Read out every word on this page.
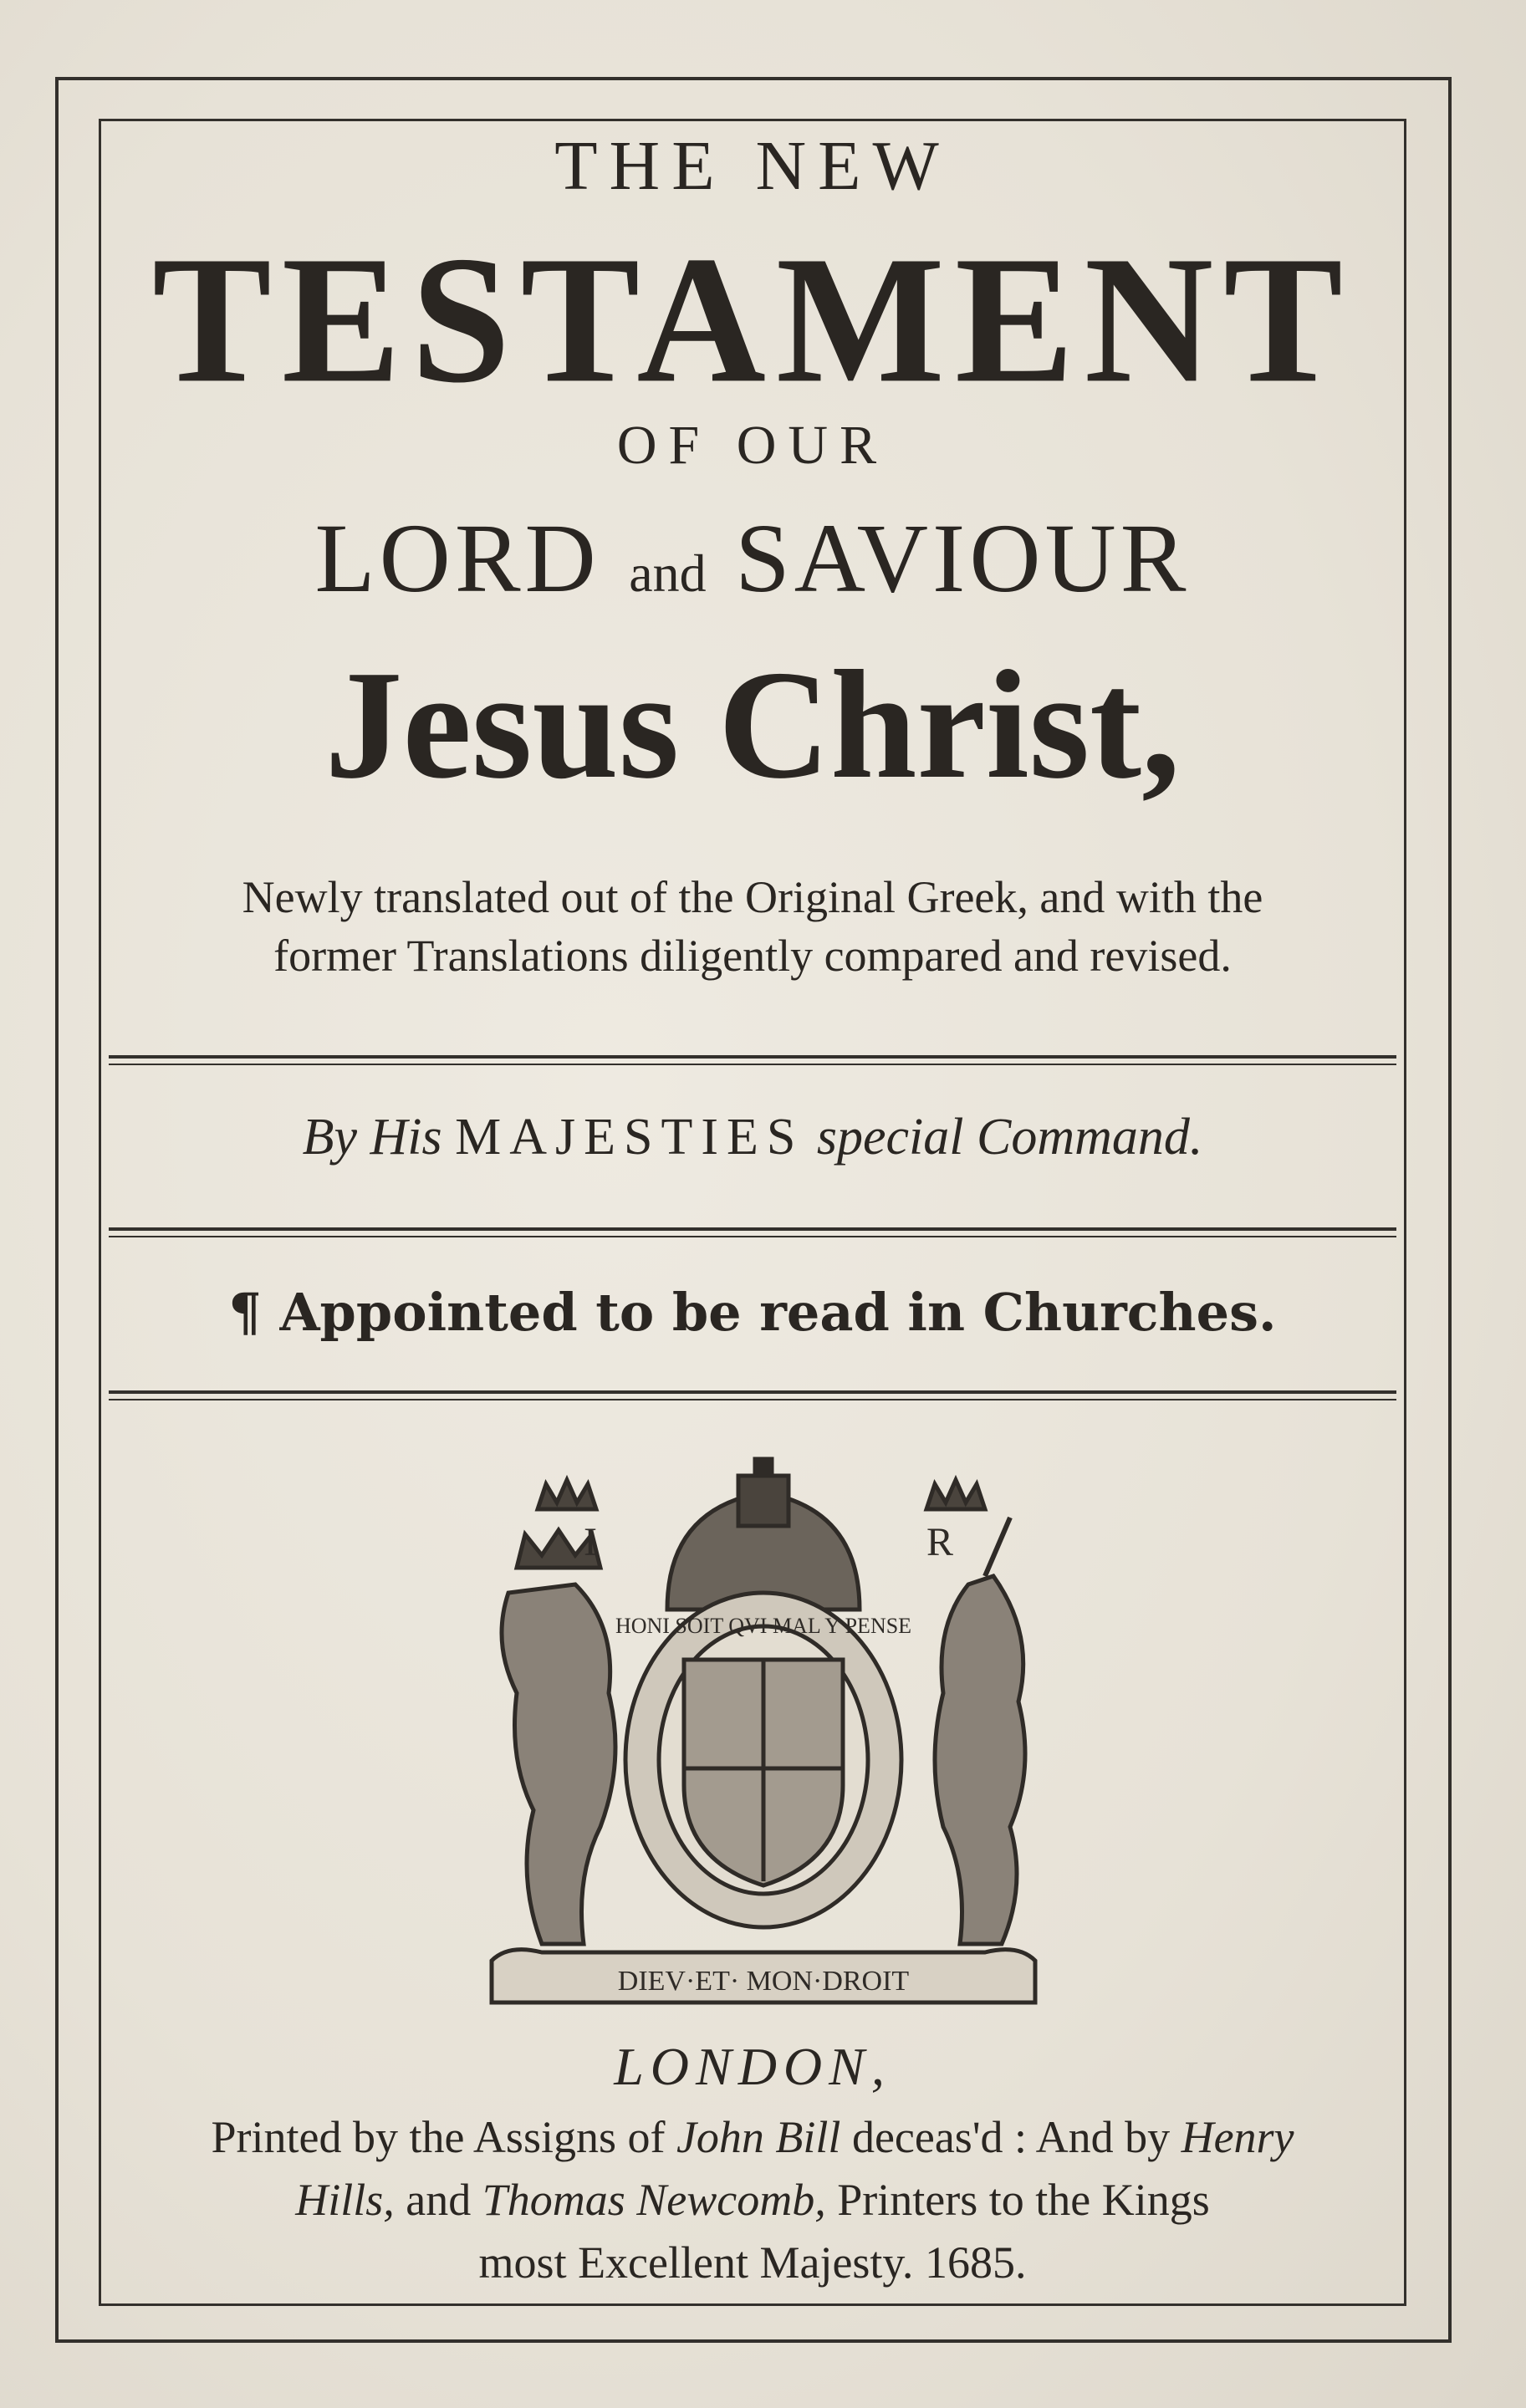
THE NEW
TESTAMENT
OF OUR
LORD and SAVIOUR
Jesus Christ,
Newly translated out of the Original Greek, and with the
former Translations diligently compared and revised.
By His MAJESTIES special Command.
¶ Appointed to be read in Churches.
I	R
HONI SOIT QVI MAL Y PENSE
DIEV·ET· MON·DROIT
LONDON,
Printed by the Assigns of John Bill deceas'd : And by Henry
Hills, and Thomas Newcomb, Printers to the Kings
most Excellent Majesty. 1685.
